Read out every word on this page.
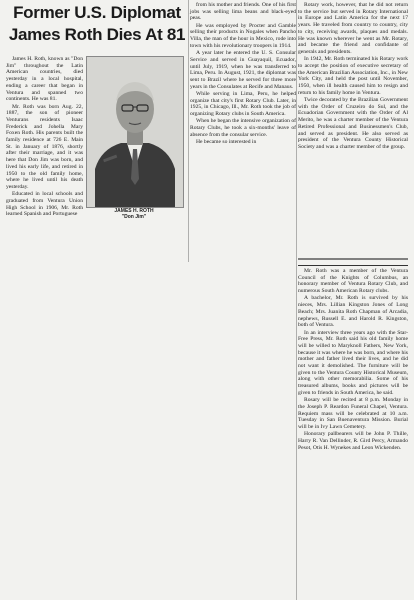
Former U.S. Diplomat
James Roth Dies At 81

James H. Roth, known as "Don Jim" throughout the Latin American countries, died yesterday in a local hospital, ending a career that began in Ventura and spanned two continents. He was 81.

Mr. Roth was born Aug. 22, 1887, the son of pioneer Venturans residents Isaac Frederick and Johella Mary Foxen Roth. His parents built the family residence at 726 E. Main St. in January of 1876, shortly after their marriage, and it was here that Don Jim was born, and lived his early life, and retired in 1950 to the old family home, where he lived until his death yesterday.

Educated in local schools and graduated from Ventura Union High School in 1906, Mr. Roth learned Spanish and Portuguese

JAMES H. ROTH
"Don Jim"

from his mother and friends. One of his first jobs was selling lima beans and black-eyed peas.

He was employed by Procter and Gamble selling their products in Nogales when Pancho Villa, the man of the hour in Mexico, rode into town with his revolutionary troopers in 1914.

A year later he entered the U. S. Consular Service and served in Guayaquil, Ecuador, until July, 1919, when he was transferred to Lima, Peru. In August, 1921, the diplomat was sent to Brazil where he served for three more years in the Consulates at Recife and Manaus.

While serving in Lima, Peru, he helped organize that city's first Rotary Club. Later, in 1925, in Chicago, Ill., Mr. Roth took the job of organizing Rotary clubs in South America.

When he began the intensive organization of Rotary Clubs, he took a six-months' leave of absence from the consular service.

He became so interested in

Rotary work, however, that he did not return to the service but served in Rotary International in Europe and Latin America for the next 17 years. He traveled from country to country, city to city, receiving awards, plaques and medals. He was known wherever he went as Mr. Rotary, and became the friend and confidante of generals and presidents.

In 1942, Mr. Roth terminated his Rotary work to accept the position of executive secretary of the American Brazilian Association, Inc., in New York City, and held the post until November, 1950, when ill health caused him to resign and return to his family home in Ventura.

Twice decorated by the Brazilian Government with the Order of Cruzeiro do Sul, and the Ecuadorian Government with the Order of Al Merito, he was a charter member of the Ventura Retired Professional and Businessmen's Club, and served as president. He also served as president of the Ventura County Historical Society and was a charter member of the group.

Mr. Roth was a member of the Ventura Council of the Knights of Columbus, an honorary member of Ventura Rotary Club, and numerous South American Rotary clubs.

A bachelor, Mr. Roth is survived by his nieces, Mrs. Lillian Kingston Jones of Long Beach; Mrs. Juanita Roth Chapman of Arcadia, nephews, Russell E. and Harold R. Kingston, both of Ventura.

In an interview three years ago with the Star-Free Press, Mr. Roth said his old family home will be willed to Maryknoll Fathers, New York, because it was where he was born, and where his mother and father lived their lives, and he did not want it demolished. The furniture will be given to the Ventura County Historical Museum, along with other memorabilia. Some of his treasured albums, books and pictures will be given to friends in South America, he said.

Rosary will be recited at 8 p.m. Monday in the Joseph P. Reardon Funeral Chapel, Ventura. Requiem mass will be celebrated at 10 a.m. Tuesday in San Buenaventura Mission. Burial will be in Ivy Lawn Cemetery.

Honorary pallbearers will be John P. Thille, Harry R. Van Dellinder, R. Gird Percy, Armando Pesot, Otis H. Wynekes and Leon Wickenden.
